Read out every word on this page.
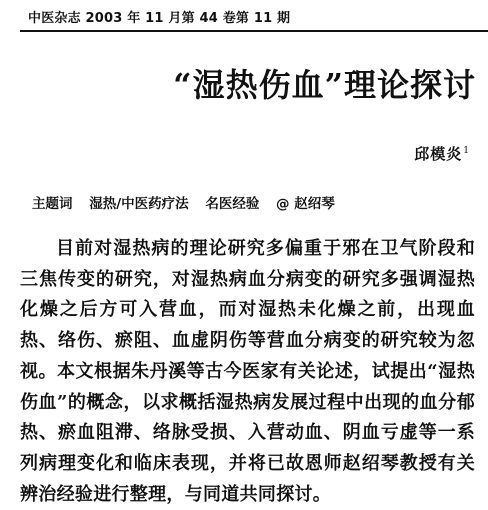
中医杂志 2003 年 11 月第 44 卷第 11 期
“湿热伤血”理论探讨
邱模炎$^1$
主题词 湿热/中医药疗法 名医经验 @ 赵绍琴

目前对湿热病的理论研究多偏重于邪在卫气阶段和三焦传变的研究，对湿热病血分病变的研究多强调湿热化燥之后方可入营血，而对湿热未化燥之前，出现血热、络伤、瘀阻、血虚阴伤等营血分病变的研究较为忽视。本文根据朱丹溪等古今医家有关论述，试提出“湿热伤血”的概念，以求概括湿热病发展过程中出现的血分郁热、瘀血阻滞、络脉受损、入营动血、阴血亏虚等一系列病理变化和临床表现，并将已故恩师赵绍琴教授有关辨治经验进行整理，与同道共同探讨。
